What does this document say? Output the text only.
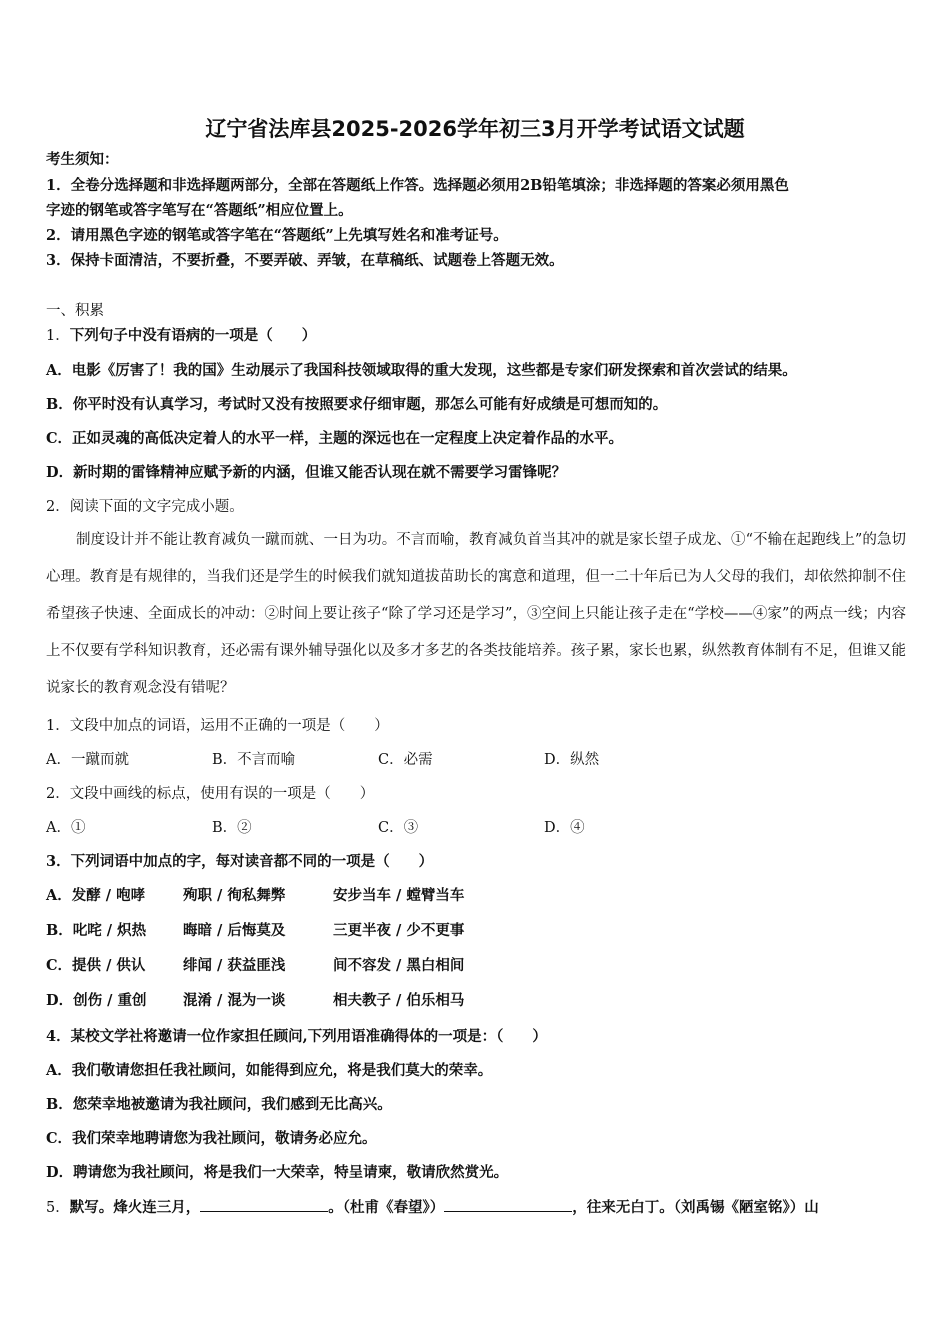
辽宁省法库县2025-2026学年初三3月开学考试语文试题
考生须知：
1．全卷分选择题和非选择题两部分，全部在答题纸上作答。选择题必须用2B铅笔填涂；非选择题的答案必须用黑色
字迹的钢笔或答字笔写在“答题纸”相应位置上。
2．请用黑色字迹的钢笔或答字笔在“答题纸”上先填写姓名和准考证号。
3．保持卡面清洁，不要折叠，不要弄破、弄皱，在草稿纸、试题卷上答题无效。
一、积累
1．下列句子中没有语病的一项是（　　）
A．电影《厉害了！我的国》生动展示了我国科技领域取得的重大发现，这些都是专家们研发探索和首次尝试的结果。
B．你平时没有认真学习，考试时又没有按照要求仔细审题，那怎么可能有好成绩是可想而知的。
C．正如灵魂的高低决定着人的水平一样，主题的深远也在一定程度上决定着作品的水平。
D．新时期的雷锋精神应赋予新的内涵，但谁又能否认现在就不需要学习雷锋呢？
2．阅读下面的文字完成小题。
制度设计并不能让教育减负一蹴而就、一日为功。不言而喻，教育减负首当其冲的就是家长望子成龙、①“不输在起跑线上”的急切心理。教育是有规律的，当我们还是学生的时候我们就知道拔苗助长的寓意和道理，但一二十年后已为人父母的我们，却依然抑制不住希望孩子快速、全面成长的冲动：②时间上要让孩子“除了学习还是学习”，③空间上只能让孩子走在“学校——④家”的两点一线；内容上不仅要有学科知识教育，还必需有课外辅导强化以及多才多艺的各类技能培养。孩子累，家长也累，纵然教育体制有不足，但谁又能说家长的教育观念没有错呢？
1．文段中加点的词语，运用不正确的一项是（　　）
A．一蹴而就	B．不言而喻	C．必需	D．纵然
2．文段中画线的标点，使用有误的一项是（　　）
A．①	B．②	C．③	D．④
3．下列词语中加点的字，每对读音都不同的一项是（　　）
A．发酵 / 咆哮	殉职 / 徇私舞弊	安步当车 / 螳臂当车
B．叱咤 / 炽热	晦暗 / 后悔莫及	三更半夜 / 少不更事
C．提供 / 供认	绯闻 / 获益匪浅	间不容发 / 黑白相间
D．创伤 / 重创	混淆 / 混为一谈	相夫教子 / 伯乐相马
4．某校文学社将邀请一位作家担任顾问,下列用语准确得体的一项是：（　　）
A．我们敬请您担任我社顾问，如能得到应允，将是我们莫大的荣幸。
B．您荣幸地被邀请为我社顾问，我们感到无比高兴。
C．我们荣幸地聘请您为我社顾问，敬请务必应允。
D．聘请您为我社顾问，将是我们一大荣幸，特呈请柬，敬请欣然赏光。
5．默写。烽火连三月，	。（杜甫《春望》）	，往来无白丁。（刘禹锡《陋室铭》）山
